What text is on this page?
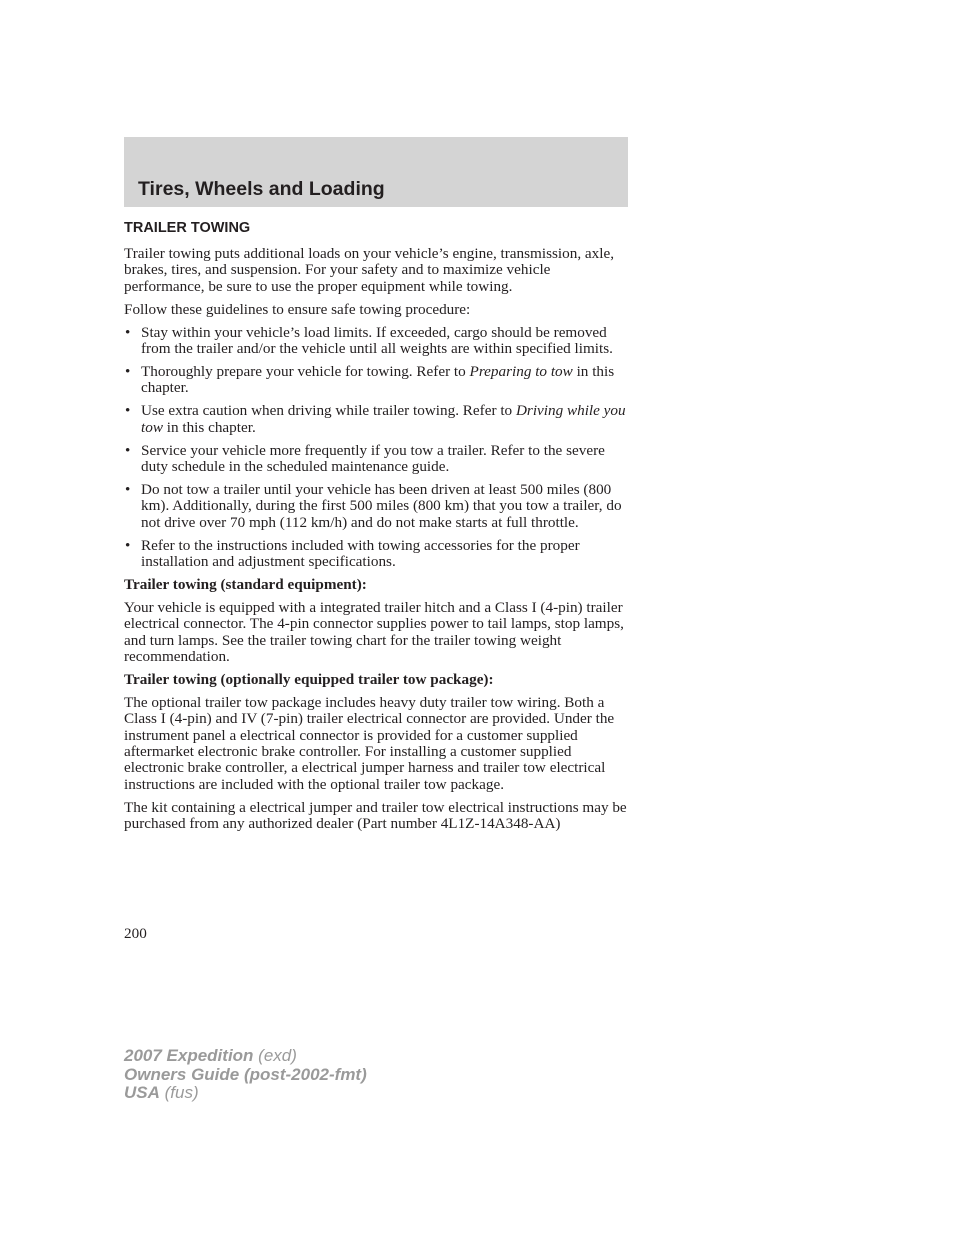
Tires, Wheels and Loading
TRAILER TOWING

Trailer towing puts additional loads on your vehicle’s engine, transmission, axle, brakes, tires, and suspension. For your safety and to maximize vehicle performance, be sure to use the proper equipment while towing.

Follow these guidelines to ensure safe towing procedure:

• Stay within your vehicle’s load limits. If exceeded, cargo should be removed from the trailer and/or the vehicle until all weights are within specified limits.
• Thoroughly prepare your vehicle for towing. Refer to Preparing to tow in this chapter.
• Use extra caution when driving while trailer towing. Refer to Driving while you tow in this chapter.
• Service your vehicle more frequently if you tow a trailer. Refer to the severe duty schedule in the scheduled maintenance guide.
• Do not tow a trailer until your vehicle has been driven at least 500 miles (800 km). Additionally, during the first 500 miles (800 km) that you tow a trailer, do not drive over 70 mph (112 km/h) and do not make starts at full throttle.
• Refer to the instructions included with towing accessories for the proper installation and adjustment specifications.

Trailer towing (standard equipment):

Your vehicle is equipped with a integrated trailer hitch and a Class I (4-pin) trailer electrical connector. The 4-pin connector supplies power to tail lamps, stop lamps, and turn lamps. See the trailer towing chart for the trailer towing weight recommendation.

Trailer towing (optionally equipped trailer tow package):

The optional trailer tow package includes heavy duty trailer tow wiring. Both a Class I (4-pin) and IV (7-pin) trailer electrical connector are provided. Under the instrument panel a electrical connector is provided for a customer supplied aftermarket electronic brake controller. For installing a customer supplied electronic brake controller, a electrical jumper harness and trailer tow electrical instructions are included with the optional trailer tow package.

The kit containing a electrical jumper and trailer tow electrical instructions may be purchased from any authorized dealer (Part number 4L1Z-14A348-AA)

200
2007 Expedition (exd)
Owners Guide (post-2002-fmt)
USA (fus)
